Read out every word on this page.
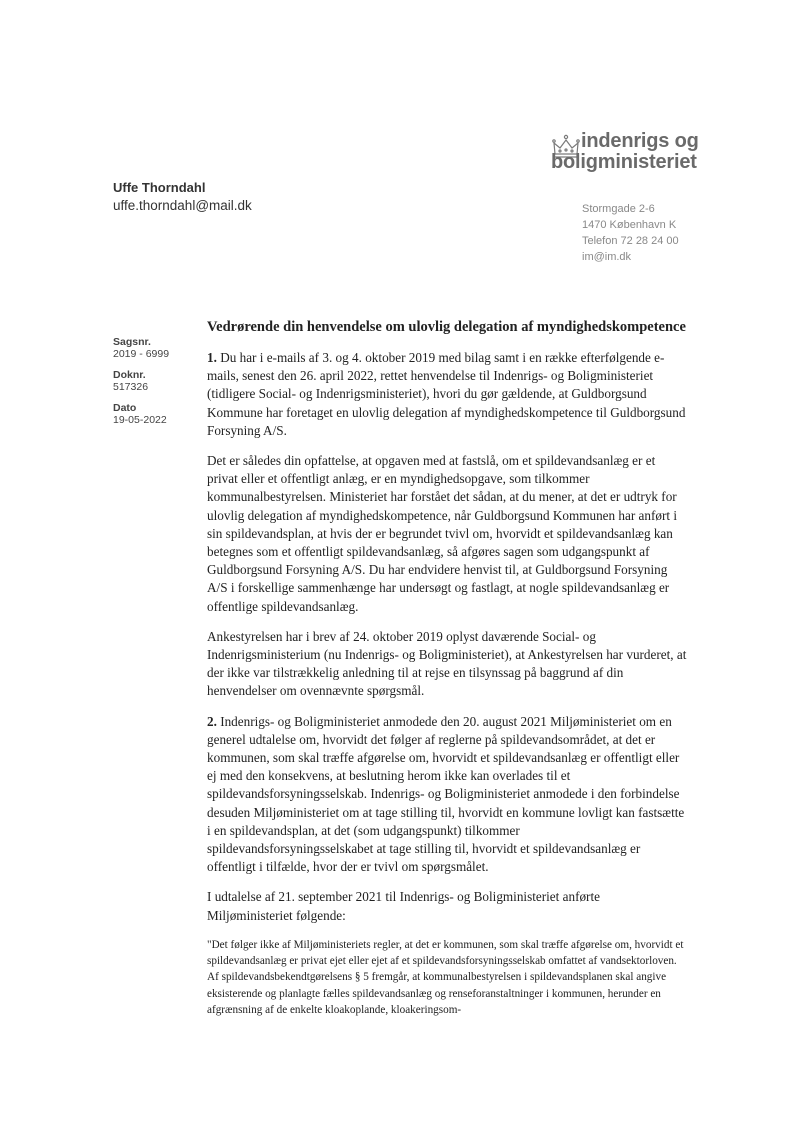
indenrigs og
boligministeriet
Uffe Thorndahl
uffe.thorndahl@mail.dk	Stormgade 2-6
1470 København K
Telefon 72 28 24 00
im@im.dk
Sagsnr.
2019 - 6999
Doknr.
517326
Dato
19-05-2022
Vedrørende din henvendelse om ulovlig delegation af myndighedskompetence

1. Du har i e-mails af 3. og 4. oktober 2019 med bilag samt i en række efterfølgende e-mails, senest den 26. april 2022, rettet henvendelse til Indenrigs- og Boligministeriet (tidligere Social- og Indenrigsministeriet), hvori du gør gældende, at Guldborgsund Kommune har foretaget en ulovlig delegation af myndighedskompetence til Guldborgsund Forsyning A/S.

Det er således din opfattelse, at opgaven med at fastslå, om et spildevandsanlæg er et privat eller et offentligt anlæg, er en myndighedsopgave, som tilkommer kommunalbestyrelsen. Ministeriet har forstået det sådan, at du mener, at det er udtryk for ulovlig delegation af myndighedskompetence, når Guldborgsund Kommunen har anført i sin spildevandsplan, at hvis der er begrundet tvivl om, hvorvidt et spildevandsanlæg kan betegnes som et offentligt spildevandsanlæg, så afgøres sagen som udgangspunkt af Guldborgsund Forsyning A/S. Du har endvidere henvist til, at Guldborgsund Forsyning A/S i forskellige sammenhænge har undersøgt og fastlagt, at nogle spildevandsanlæg er offentlige spildevandsanlæg.

Ankestyrelsen har i brev af 24. oktober 2019 oplyst daværende Social- og Indenrigsministerium (nu Indenrigs- og Boligministeriet), at Ankestyrelsen har vurderet, at der ikke var tilstrækkelig anledning til at rejse en tilsynssag på baggrund af din henvendelser om ovennævnte spørgsmål.

2. Indenrigs- og Boligministeriet anmodede den 20. august 2021 Miljøministeriet om en generel udtalelse om, hvorvidt det følger af reglerne på spildevandsområdet, at det er kommunen, som skal træffe afgørelse om, hvorvidt et spildevandsanlæg er offentligt eller ej med den konsekvens, at beslutning herom ikke kan overlades til et spildevandsforsyningsselskab. Indenrigs- og Boligministeriet anmodede i den forbindelse desuden Miljøministeriet om at tage stilling til, hvorvidt en kommune lovligt kan fastsætte i en spildevandsplan, at det (som udgangspunkt) tilkommer spildevandsforsyningsselskabet at tage stilling til, hvorvidt et spildevandsanlæg er offentligt i tilfælde, hvor der er tvivl om spørgsmålet.

I udtalelse af 21. september 2021 til Indenrigs- og Boligministeriet anførte Miljøministeriet følgende:

"Det følger ikke af Miljøministeriets regler, at det er kommunen, som skal træffe afgørelse om, hvorvidt et spildevandsanlæg er privat ejet eller ejet af et spildevandsforsyningsselskab omfattet af vandsektorloven. Af spildevandsbekendtgørelsens § 5 fremgår, at kommunalbestyrelsen i spildevandsplanen skal angive eksisterende og planlagte fælles spildevandsanlæg og renseforanstaltninger i kommunen, herunder en afgrænsning af de enkelte kloakoplande, kloakeringsom-
